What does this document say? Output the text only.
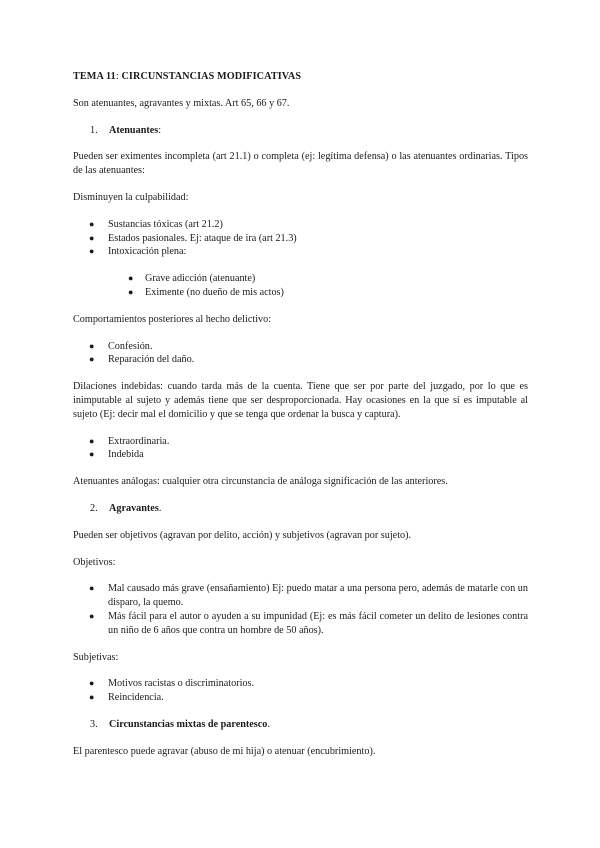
TEMA 11: CIRCUNSTANCIAS MODIFICATIVAS

Son atenuantes, agravantes y mixtas. Art 65, 66 y 67.

1. Atenuantes:

Pueden ser eximentes incompleta (art 21.1) o completa (ej: legítima defensa) o las atenuantes ordinarias. Tipos de las atenuantes:

Disminuyen la culpabilidad:

● Sustancias tóxicas (art 21.2)
● Estados pasionales. Ej: ataque de ira (art 21.3)
● Intoxicación plena:
● Grave adicción (atenuante)
● Eximente (no dueño de mis actos)

Comportamientos posteriores al hecho delictivo:

● Confesión.
● Reparación del daño.

Dilaciones indebidas: cuando tarda más de la cuenta. Tiene que ser por parte del juzgado, por lo que es inimputable al sujeto y además tiene que ser desproporcionada. Hay ocasiones en la que sí es imputable al sujeto (Ej: decir mal el domicilio y que se tenga que ordenar la busca y captura).

● Extraordinaria.
● Indebida

Atenuantes análogas: cualquier otra circunstancia de análoga significación de las anteriores.

2. Agravantes.

Pueden ser objetivos (agravan por delito, acción) y subjetivos (agravan por sujeto).

Objetivos:

● Mal causado más grave (ensañamiento) Ej: puedo matar a una persona pero, además de matarle con un disparo, la quemo.
● Más fácil para el autor o ayuden a su impunidad (Ej: es más fácil cometer un delito de lesiones contra un niño de 6 años que contra un hombre de 50 años).

Subjetivas:

● Motivos racistas o discriminatorios.
● Reincidencia.

3. Circunstancias mixtas de parentesco.

El parentesco puede agravar (abuso de mi hija) o atenuar (encubrimiento).
